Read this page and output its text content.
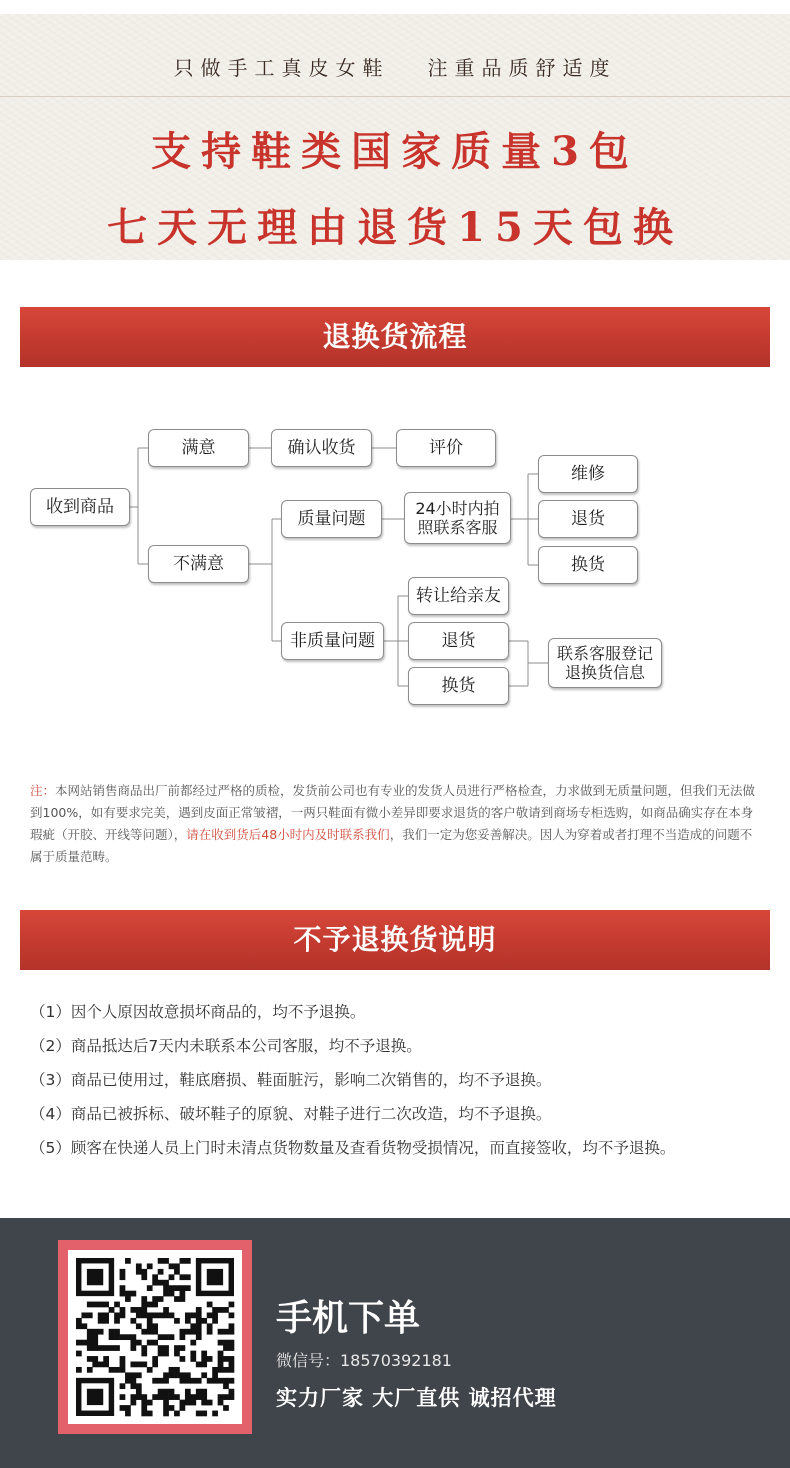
只做手工真皮女鞋 注重品质舒适度
支持鞋类国家质量3包
七天无理由退货15天包换
退换货流程
收到商品
满意	确认收货	评价
不满意
质量问题
24小时内拍照联系客服
维修
退货
换货
非质量问题
转让给亲友
退货
换货
联系客服登记退换货信息

注：本网站销售商品出厂前都经过严格的质检，发货前公司也有专业的发货人员进行严格检查，力求做到无质量问题，但我们无法做到100%，如有要求完美，遇到皮面正常皱褶，一两只鞋面有微小差异即要求退货的客户敬请到商场专柜选购，如商品确实存在本身瑕疵（开胶、开线等问题），请在收到货后48小时内及时联系我们，我们一定为您妥善解决。因人为穿着或者打理不当造成的问题不属于质量范畴。

不予退换货说明
（1）因个人原因故意损坏商品的，均不予退换。
（2）商品抵达后7天内未联系本公司客服，均不予退换。
（3）商品已使用过，鞋底磨损、鞋面脏污，影响二次销售的，均不予退换。
（4）商品已被拆标、破坏鞋子的原貌、对鞋子进行二次改造，均不予退换。
（5）顾客在快递人员上门时未清点货物数量及查看货物受损情况，而直接签收，均不予退换。
手机下单
微信号：18570392181
实力厂家 大厂直供 诚招代理
